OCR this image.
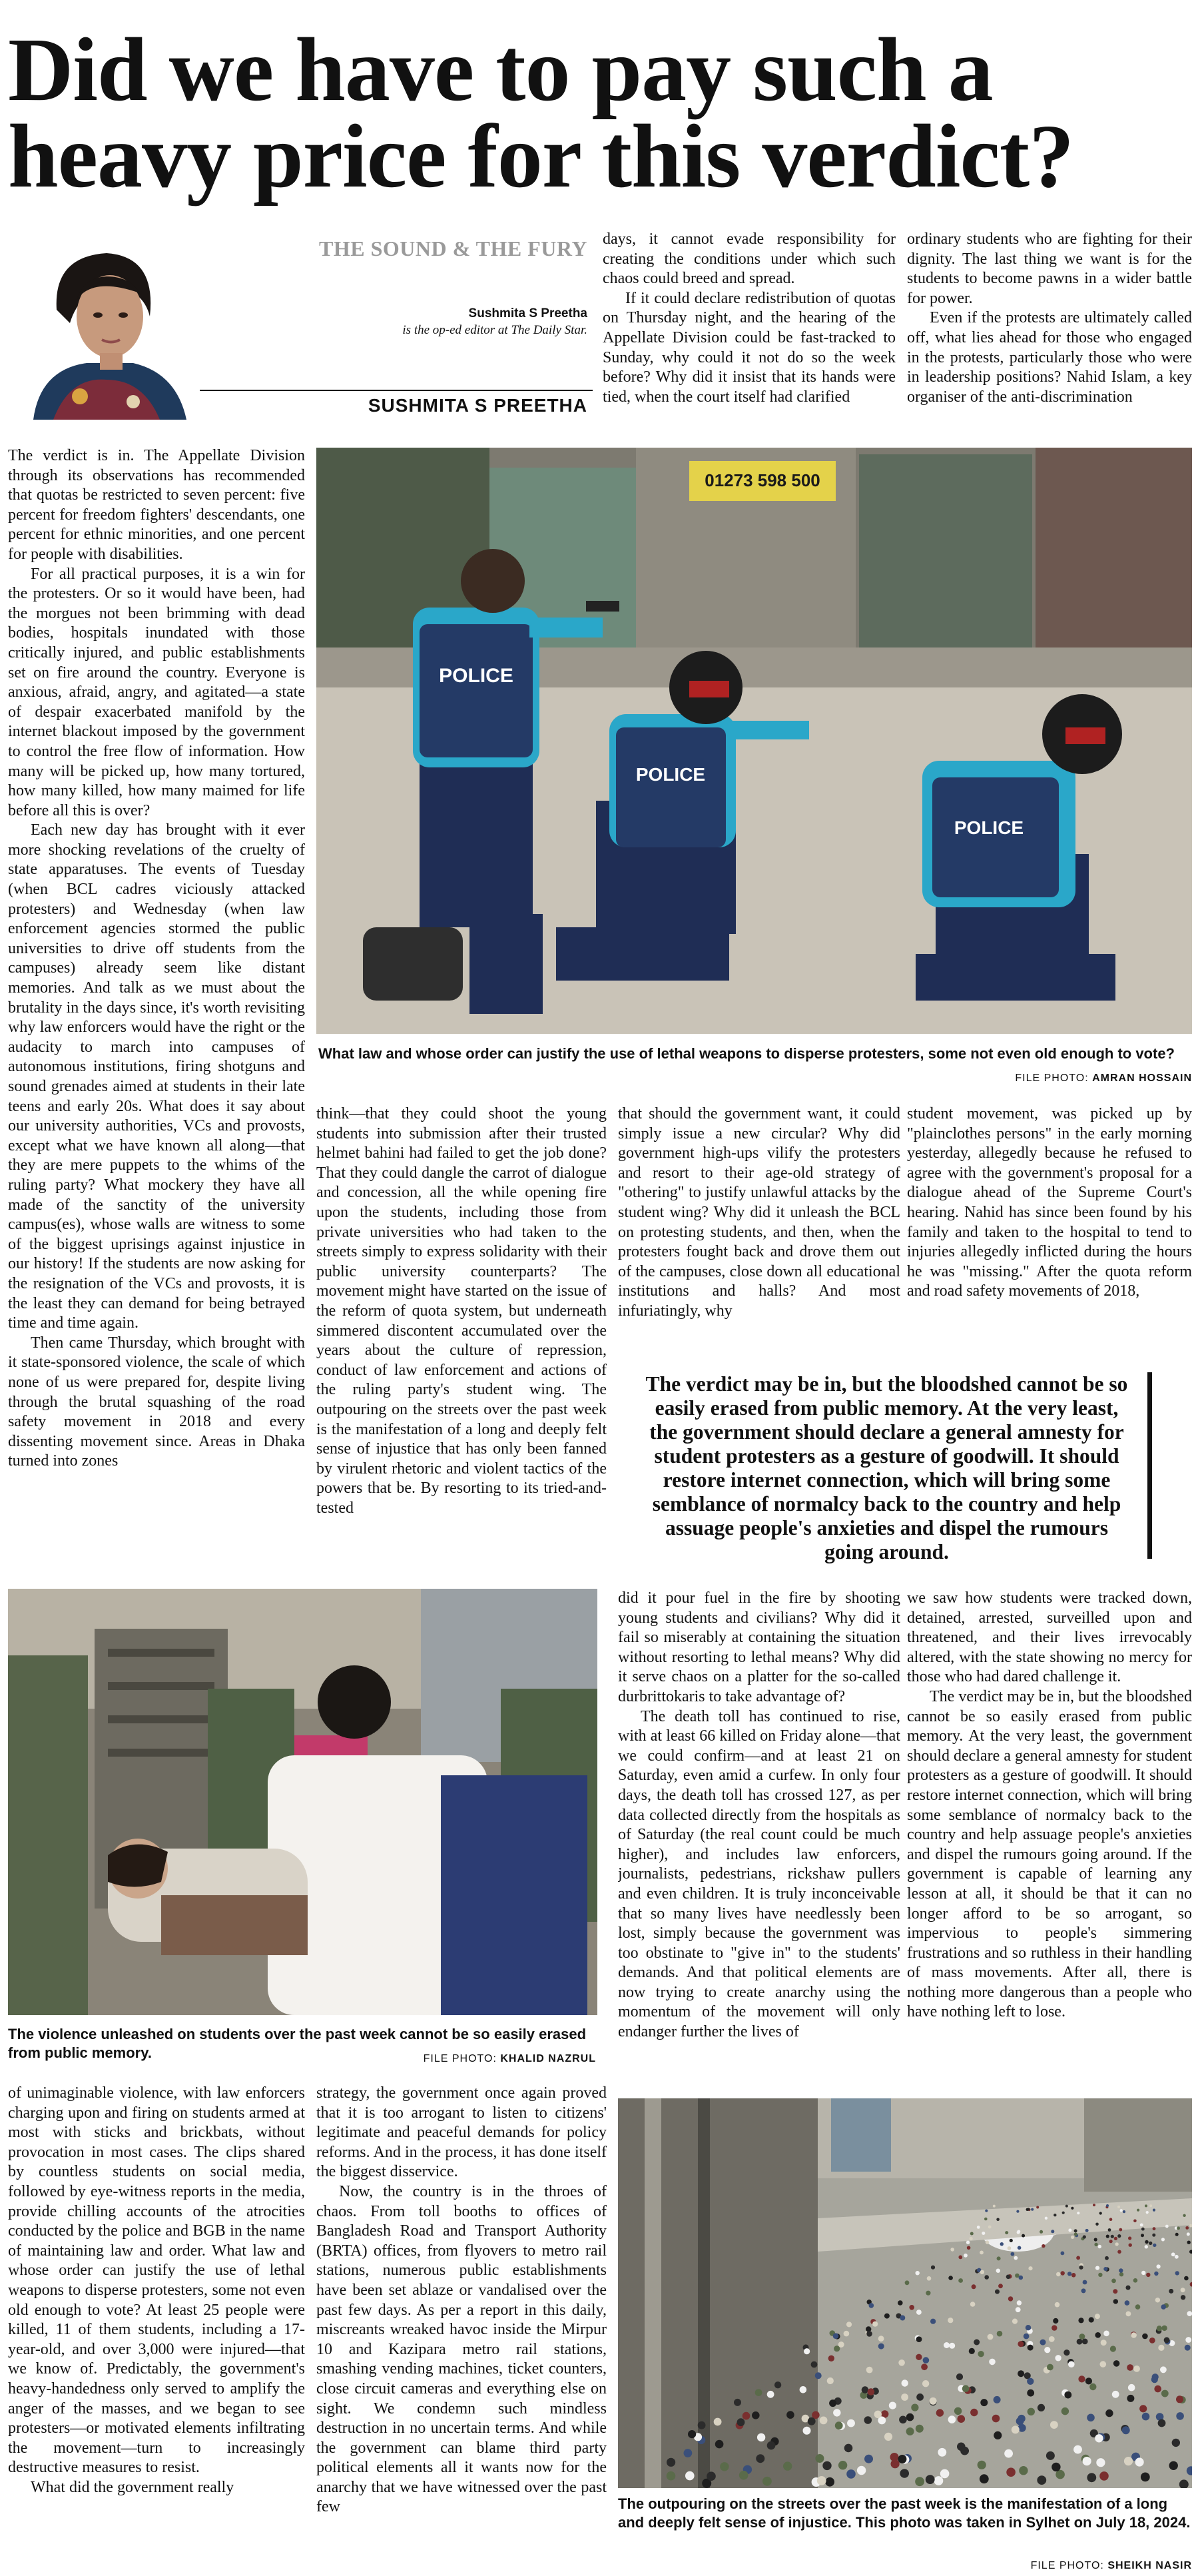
Did we have to pay such a
heavy price for this verdict?
THE SOUND & THE FURY
Sushmita S Preetha
is the op-ed editor at The Daily Star.
SUSHMITA S PREETHA

days, it cannot evade responsibility for creating the conditions under which such chaos could breed and spread.

If it could declare redistribution of quotas on Thursday night, and the hearing of the Appellate Division could be fast-tracked to Sunday, why could it not do so the week before? Why did it insist that its hands were tied, when the court itself had clarified

ordinary students who are fighting for their dignity. The last thing we want is for the students to become pawns in a wider battle for power.

Even if the protests are ultimately called off, what lies ahead for those who engaged in the protests, particularly those who were in leadership positions? Nahid Islam, a key organiser of the anti-discrimination

The verdict is in. The Appellate Division through its observations has recommended that quotas be restricted to seven percent: five percent for freedom fighters' descendants, one percent for ethnic minorities, and one percent for people with disabilities.

For all practical purposes, it is a win for the protesters. Or so it would have been, had the morgues not been brimming with dead bodies, hospitals inundated with those critically injured, and public establishments set on fire around the country. Everyone is anxious, afraid, angry, and agitated—a state of despair exacerbated manifold by the internet blackout imposed by the government to control the free flow of information. How many will be picked up, how many tortured, how many killed, how many maimed for life before all this is over?

Each new day has brought with it ever more shocking revelations of the cruelty of state apparatuses. The events of Tuesday (when BCL cadres viciously attacked protesters) and Wednesday (when law enforcement agencies stormed the public universities to drive off students from the campuses) already seem like distant memories. And talk as we must about the brutality in the days since, it's worth revisiting why law enforcers would have the right or the audacity to march into campuses of autonomous institutions, firing shotguns and sound grenades aimed at students in their late teens and early 20s. What does it say about our university authorities, VCs and provosts, except what we have known all along—that they are mere puppets to the whims of the ruling party? What mockery they have all made of the sanctity of the university campus(es), whose walls are witness to some of the biggest uprisings against injustice in our history! If the students are now asking for the resignation of the VCs and provosts, it is the least they can demand for being betrayed time and time again.

Then came Thursday, which brought with it state-sponsored violence, the scale of which none of us were prepared for, despite living through the brutal squashing of the road safety movement in 2018 and every dissenting movement since. Areas in Dhaka turned into zones

01273 598 500
POLICE
POLICE
POLICE
What law and whose order can justify the use of lethal weapons to disperse protesters, some not even old enough to vote?
FILE PHOTO: AMRAN HOSSAIN

think—that they could shoot the young students into submission after their trusted helmet bahini had failed to get the job done? That they could dangle the carrot of dialogue and concession, all the while opening fire upon the students, including those from private universities who had taken to the streets simply to express solidarity with their public university counterparts? The movement might have started on the issue of the reform of quota system, but underneath simmered discontent accumulated over the years about the culture of repression, conduct of law enforcement and actions of the ruling party's student wing. The outpouring on the streets over the past week is the manifestation of a long and deeply felt sense of injustice that has only been fanned by virulent rhetoric and violent tactics of the powers that be. By resorting to its tried-and-tested

that should the government want, it could simply issue a new circular? Why did government high-ups vilify the protesters and resort to their age-old strategy of "othering" to justify unlawful attacks by the student wing? Why did it unleash the BCL on protesting students, and then, when the protesters fought back and drove them out of the campuses, close down all educational institutions and halls? And most infuriatingly, why

student movement, was picked up by "plainclothes persons" in the early morning yesterday, allegedly because he refused to agree with the government's proposal for a dialogue ahead of the Supreme Court's hearing. Nahid has since been found by his family and taken to the hospital to tend to injuries allegedly inflicted during the hours he was "missing." After the quota reform and road safety movements of 2018,

The verdict may be in, but the bloodshed cannot be so easily erased from public memory. At the very least, the government should declare a general amnesty for student protesters as a gesture of goodwill. It should restore internet connection, which will bring some semblance of normalcy back to the country and help assuage people's anxieties and dispel the rumours going around.
The violence unleashed on students over the past week cannot be so easily erased from public memory.	FILE PHOTO: KHALID NAZRUL

did it pour fuel in the fire by shooting young students and civilians? Why did it fail so miserably at containing the situation without resorting to lethal means? Why did it serve chaos on a platter for the so-called durbrittokaris to take advantage of?

The death toll has continued to rise, with at least 66 killed on Friday alone—that we could confirm—and at least 21 on Saturday, even amid a curfew. In only four days, the death toll has crossed 127, as per data collected directly from the hospitals as of Saturday (the real count could be much higher), and includes law enforcers, journalists, pedestrians, rickshaw pullers and even children. It is truly inconceivable that so many lives have needlessly been lost, simply because the government was too obstinate to "give in" to the students' demands. And that political elements are now trying to create anarchy using the momentum of the movement will only endanger further the lives of

we saw how students were tracked down, detained, arrested, surveilled upon and threatened, and their lives irrevocably altered, with the state showing no mercy for those who had dared challenge it.

The verdict may be in, but the bloodshed cannot be so easily erased from public memory. At the very least, the government should declare a general amnesty for student protesters as a gesture of goodwill. It should restore internet connection, which will bring some semblance of normalcy back to the country and help assuage people's anxieties and dispel the rumours going around. If the government is capable of learning any lesson at all, it should be that it can no longer afford to be so arrogant, so impervious to people's simmering frustrations and so ruthless in their handling of mass movements. After all, there is nothing more dangerous than a people who have nothing left to lose.

of unimaginable violence, with law enforcers charging upon and firing on students armed at most with sticks and brickbats, without provocation in most cases. The clips shared by countless students on social media, followed by eye-witness reports in the media, provide chilling accounts of the atrocities conducted by the police and BGB in the name of maintaining law and order. What law and whose order can justify the use of lethal weapons to disperse protesters, some not even old enough to vote? At least 25 people were killed, 11 of them students, including a 17-year-old, and over 3,000 were injured—that we know of. Predictably, the government's heavy-handedness only served to amplify the anger of the masses, and we began to see protesters—or motivated elements infiltrating the movement—turn to increasingly destructive measures to resist.

What did the government really

strategy, the government once again proved that it is too arrogant to listen to citizens' legitimate and peaceful demands for policy reforms. And in the process, it has done itself the biggest disservice.

Now, the country is in the throes of chaos. From toll booths to offices of Bangladesh Road and Transport Authority (BRTA) offices, from flyovers to metro rail stations, numerous public establishments have been set ablaze or vandalised over the past few days. As per a report in this daily, miscreants wreaked havoc inside the Mirpur 10 and Kazipara metro rail stations, smashing vending machines, ticket counters, close circuit cameras and everything else on sight. We condemn such mindless destruction in no uncertain terms. And while the government can blame third party political elements all it wants now for the anarchy that we have witnessed over the past few	The outpouring on the streets over the past week is the manifestation of a long and deeply felt sense of injustice. This photo was taken in Sylhet on July 18, 2024.
FILE PHOTO: SHEIKH NASIR
